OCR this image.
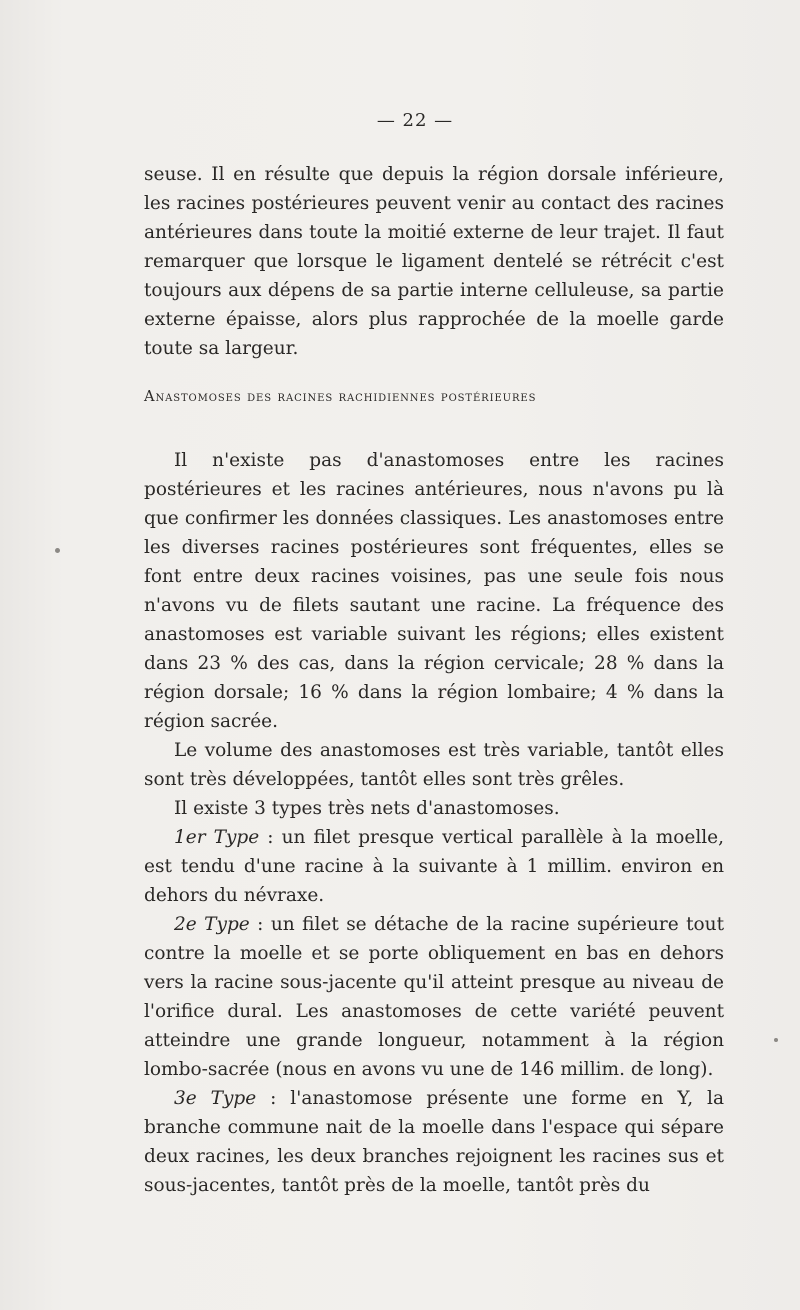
— 22 —

seuse. Il en résulte que depuis la région dorsale inférieure, les racines postérieures peuvent venir au contact des racines antérieures dans toute la moitié externe de leur trajet. Il faut remarquer que lorsque le ligament dentelé se rétrécit c'est toujours aux dépens de sa partie interne celluleuse, sa partie externe épaisse, alors plus rapprochée de la moelle garde toute sa largeur.

Anastomoses des racines rachidiennes postérieures

Il n'existe pas d'anastomoses entre les racines postérieures et les racines antérieures, nous n'avons pu là que confirmer les données classiques. Les anastomoses entre les diverses racines postérieures sont fréquentes, elles se font entre deux racines voisines, pas une seule fois nous n'avons vu de filets sautant une racine. La fréquence des anastomoses est variable suivant les régions; elles existent dans 23 % des cas, dans la région cervicale; 28 % dans la région dorsale; 16 % dans la région lombaire; 4 % dans la région sacrée.

Le volume des anastomoses est très variable, tantôt elles sont très développées, tantôt elles sont très grêles.

Il existe 3 types très nets d'anastomoses.

1er Type : un filet presque vertical parallèle à la moelle, est tendu d'une racine à la suivante à 1 millim. environ en dehors du névraxe.

2e Type : un filet se détache de la racine supérieure tout contre la moelle et se porte obliquement en bas en dehors vers la racine sous-jacente qu'il atteint presque au niveau de l'orifice dural. Les anastomoses de cette variété peuvent atteindre une grande longueur, notamment à la région lombo-sacrée (nous en avons vu une de 146 millim. de long).

3e Type : l'anastomose présente une forme en Y, la branche commune nait de la moelle dans l'espace qui sépare deux racines, les deux branches rejoignent les racines sus et sous-jacentes, tantôt près de la moelle, tantôt près du
